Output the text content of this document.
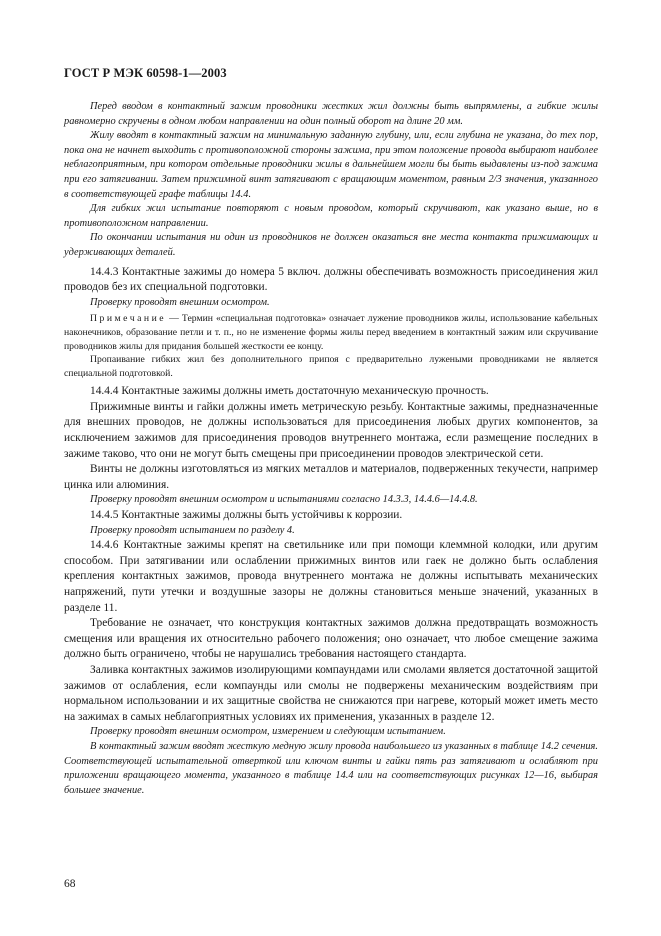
ГОСТ Р МЭК 60598-1—2003

Перед вводом в контактный зажим проводники жестких жил должны быть выпрямлены, а гибкие жилы равномерно скручены в одном любом направлении на один полный оборот на длине 20 мм.

Жилу вводят в контактный зажим на минимальную заданную глубину, или, если глубина не указана, до тех пор, пока она не начнет выходить с противоположной стороны зажима, при этом положение провода выбирают наиболее неблагоприятным, при котором отдельные проводники жилы в дальнейшем могли бы быть выдавлены из-под зажима при его затягивании. Затем прижимной винт затягивают с вращающим моментом, равным 2/3 значения, указанного в соответствующей графе таблицы 14.4.

Для гибких жил испытание повторяют с новым проводом, который скручивают, как указано выше, но в противоположном направлении.

По окончании испытания ни один из проводников не должен оказаться вне места контакта прижимающих и удерживающих деталей.

14.4.3 Контактные зажимы до номера 5 включ. должны обеспечивать возможность присоединения жил проводов без их специальной подготовки.

Проверку проводят внешним осмотром.

Примечание — Термин «специальная подготовка» означает лужение проводников жилы, использование кабельных наконечников, образование петли и т. п., но не изменение формы жилы перед введением в контактный зажим или скручивание проводников жилы для придания большей жесткости ее концу.

Пропаивание гибких жил без дополнительного припоя с предварительно лужеными проводниками не является специальной подготовкой.

14.4.4 Контактные зажимы должны иметь достаточную механическую прочность.

Прижимные винты и гайки должны иметь метрическую резьбу. Контактные зажимы, предназначенные для внешних проводов, не должны использоваться для присоединения любых других компонентов, за исключением зажимов для присоединения проводов внутреннего монтажа, если размещение последних в зажиме таково, что они не могут быть смещены при присоединении проводов электрической сети.

Винты не должны изготовляться из мягких металлов и материалов, подверженных текучести, например цинка или алюминия.

Проверку проводят внешним осмотром и испытаниями согласно 14.3.3, 14.4.6—14.4.8.

14.4.5 Контактные зажимы должны быть устойчивы к коррозии.

Проверку проводят испытанием по разделу 4.

14.4.6 Контактные зажимы крепят на светильнике или при помощи клеммной колодки, или другим способом. При затягивании или ослаблении прижимных винтов или гаек не должно быть ослабления крепления контактных зажимов, провода внутреннего монтажа не должны испытывать механических напряжений, пути утечки и воздушные зазоры не должны становиться меньше значений, указанных в разделе 11.

Требование не означает, что конструкция контактных зажимов должна предотвращать возможность смещения или вращения их относительно рабочего положения; оно означает, что любое смещение зажима должно быть ограничено, чтобы не нарушались требования настоящего стандарта.

Заливка контактных зажимов изолирующими компаундами или смолами является достаточной защитой зажимов от ослабления, если компаунды или смолы не подвержены механическим воздействиям при нормальном использовании и их защитные свойства не снижаются при нагреве, который может иметь место на зажимах в самых неблагоприятных условиях их применения, указанных в разделе 12.

Проверку проводят внешним осмотром, измерением и следующим испытанием.

В контактный зажим вводят жесткую медную жилу провода наибольшего из указанных в таблице 14.2 сечения. Соответствующей испытательной отверткой или ключом винты и гайки пять раз затягивают и ослабляют при приложении вращающего момента, указанного в таблице 14.4 или на соответствующих рисунках 12—16, выбирая большее значение.

68
